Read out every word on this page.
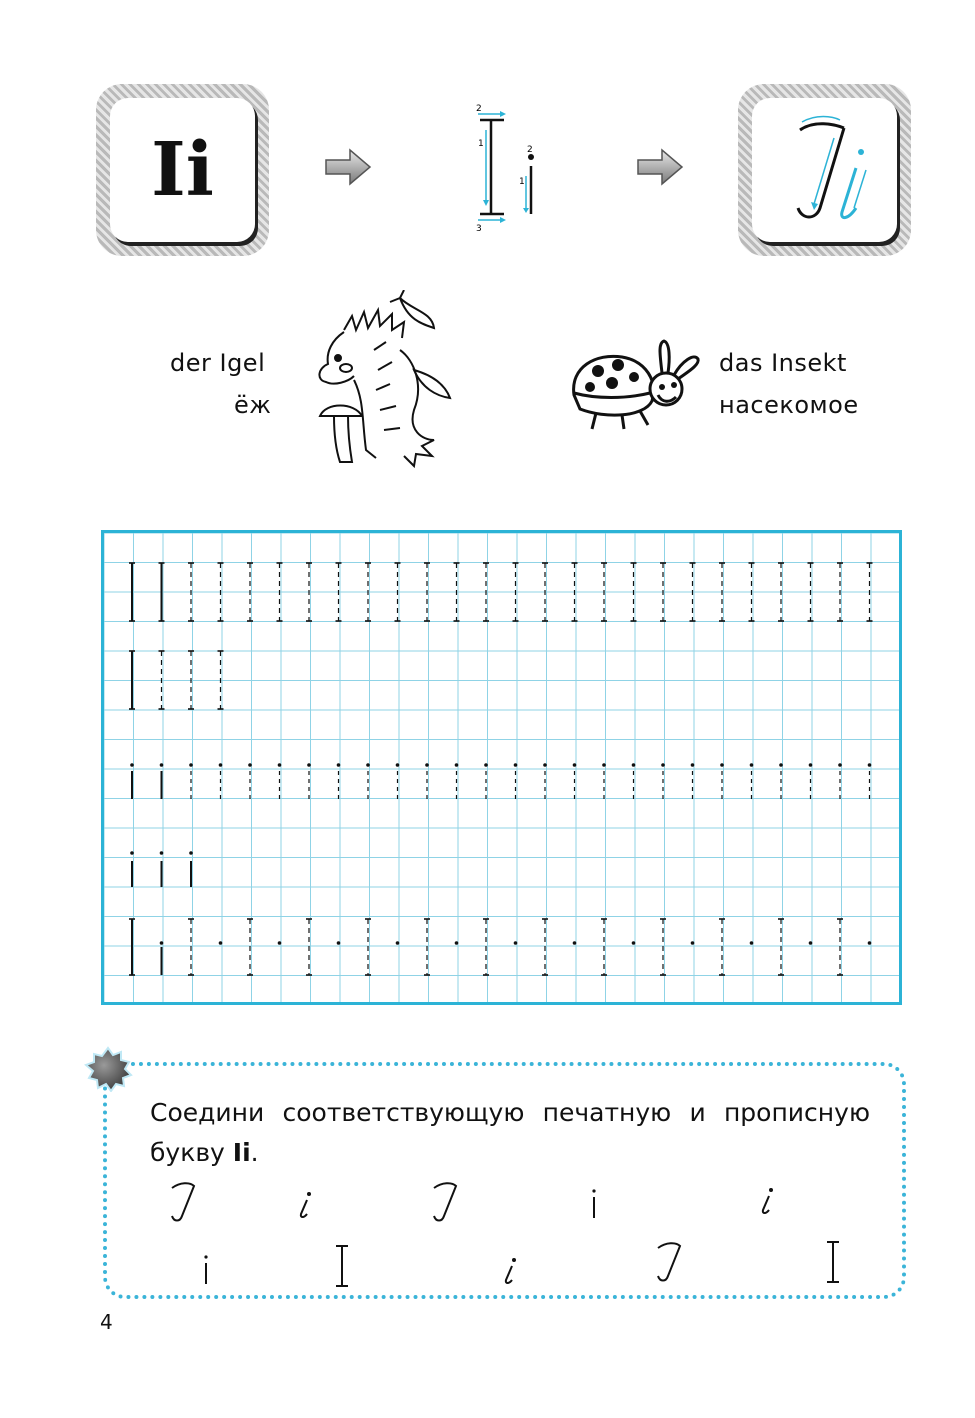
Ii
2
1
3
2
1
der Igel
ёж
das Insekt
насекомое
Соедини соответствующую печатную и прописную
букву Ii.
4
